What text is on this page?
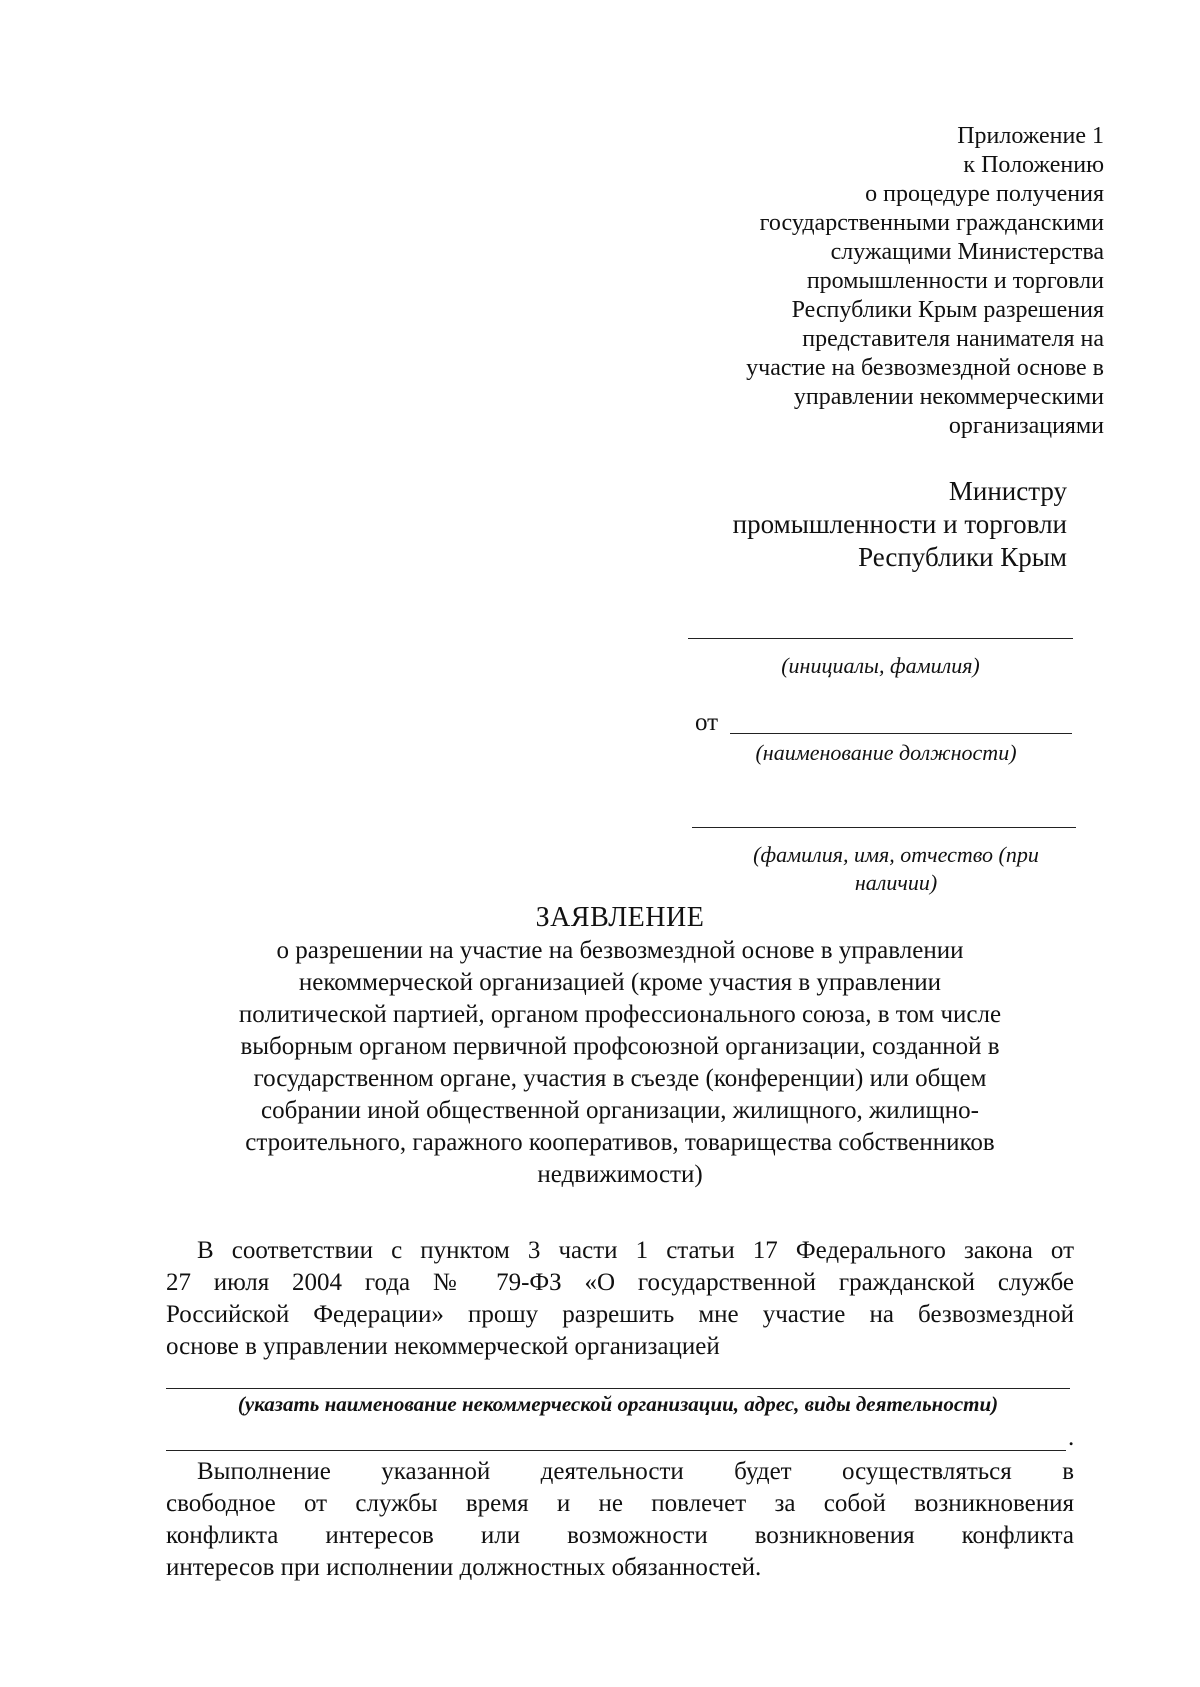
Приложение 1
к Положению
о процедуре получения
государственными гражданскими
служащими Министерства
промышленности и торговли
Республики Крым разрешения
представителя нанимателя на
участие на безвозмездной основе в
управлении некоммерческими
организациями
Министру
промышленности и торговли
Республики Крым
(инициалы, фамилия)
от
(наименование должности)
(фамилия, имя, отчество (при
наличии)
ЗАЯВЛЕНИЕ
о разрешении на участие на безвозмездной основе в управлении
некоммерческой организацией (кроме участия в управлении
политической партией, органом профессионального союза, в том числе
выборным органом первичной профсоюзной организации, созданной в
государственном органе, участия в съезде (конференции) или общем
собрании иной общественной организации, жилищного, жилищно-
строительного, гаражного кооперативов, товарищества собственников
недвижимости)
В соответствии с пунктом 3 части 1 статьи 17 Федерального закона от
27 июля 2004 года № 79-ФЗ «О государственной гражданской службе
Российской Федерации» прошу разрешить мне участие на безвозмездной
основе в управлении некоммерческой организацией
(указать наименование некоммерческой организации, адрес, виды деятельности)
.
Выполнение указанной деятельности будет осуществляться в
свободное от службы время и не повлечет за собой возникновения
конфликта интересов или возможности возникновения конфликта
интересов при исполнении должностных обязанностей.
